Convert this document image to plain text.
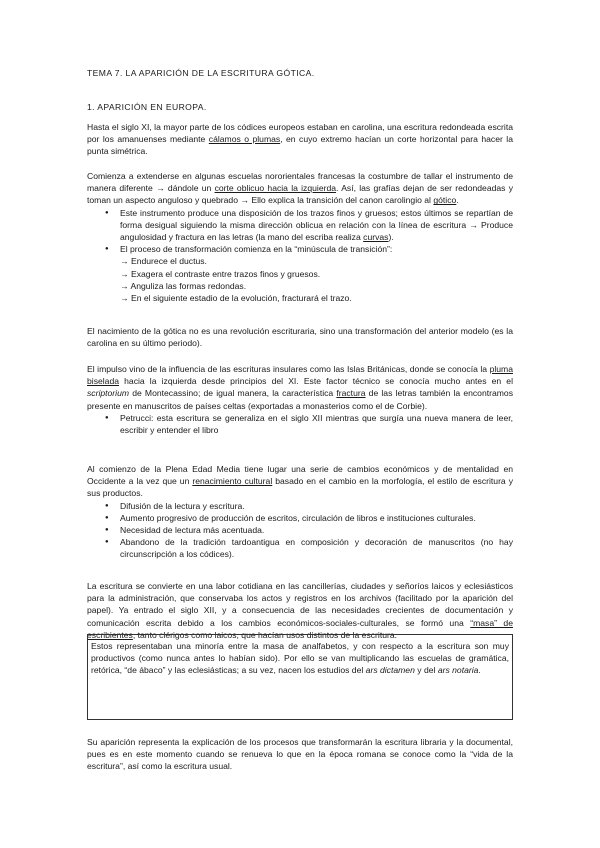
TEMA 7. LA APARICIÓN DE LA ESCRITURA GÓTICA.
1. APARICIÓN EN EUROPA.
Hasta el siglo XI, la mayor parte de los códices europeos estaban en carolina, una escritura redondeada escrita por los amanuenses mediante cálamos o plumas, en cuyo extremo hacían un corte horizontal para hacer la punta simétrica.
Comienza a extenderse en algunas escuelas nororientales francesas la costumbre de tallar el instrumento de manera diferente → dándole un corte oblicuo hacia la izquierda. Así, las grafías dejan de ser redondeadas y toman un aspecto anguloso y quebrado → Ello explica la transición del canon carolingio al gótico.
● Este instrumento produce una disposición de los trazos finos y gruesos; estos últimos se repartían de forma desigual siguiendo la misma dirección oblicua en relación con la línea de escritura → Produce angulosidad y fractura en las letras (la mano del escriba realiza curvas).
● El proceso de transformación comienza en la “minúscula de transición”:
→ Endurece el ductus.
→ Exagera el contraste entre trazos finos y gruesos.
→ Anguliza las formas redondas.
→ En el siguiente estadio de la evolución, fracturará el trazo.
El nacimiento de la gótica no es una revolución escrituraria, sino una transformación del anterior modelo (es la carolina en su último periodo).
El impulso vino de la influencia de las escrituras insulares como las Islas Británicas, donde se conocía la pluma biselada hacia la izquierda desde principios del XI. Este factor técnico se conocía mucho antes en el scriptorium de Montecassino; de igual manera, la característica fractura de las letras también la encontramos presente en manuscritos de países celtas (exportadas a monasterios como el de Corbie).
● Petrucci: esta escritura se generaliza en el siglo XII mientras que surgía una nueva manera de leer, escribir y entender el libro
Al comienzo de la Plena Edad Media tiene lugar una serie de cambios económicos y de mentalidad en Occidente a la vez que un renacimiento cultural basado en el cambio en la morfología, el estilo de escritura y sus productos.
● Difusión de la lectura y escritura.
● Aumento progresivo de producción de escritos, circulación de libros e instituciones culturales.
● Necesidad de lectura más acentuada.
● Abandono de la tradición tardoantigua en composición y decoración de manuscritos (no hay circunscripción a los códices).
La escritura se convierte en una labor cotidiana en las cancillerías, ciudades y señoríos laicos y eclesiásticos para la administración, que conservaba los actos y registros en los archivos (facilitado por la aparición del papel). Ya entrado el siglo XII, y a consecuencia de las necesidades crecientes de documentación y comunicación escrita debido a los cambios económicos-sociales-culturales, se formó una “masa” de escribientes, tanto clérigos como laicos, que hacían usos distintos de la escritura.
Estos representaban una minoría entre la masa de analfabetos, y con respecto a la escritura son muy productivos (como nunca antes lo habían sido). Por ello se van multiplicando las escuelas de gramática, retórica, “de ábaco” y las eclesiásticas; a su vez, nacen los estudios del ars dictamen y del ars notaria.
Su aparición representa la explicación de los procesos que transformarán la escritura libraria y la documental, pues es en este momento cuando se renueva lo que en la época romana se conoce como la “vida de la escritura”, así como la escritura usual.
